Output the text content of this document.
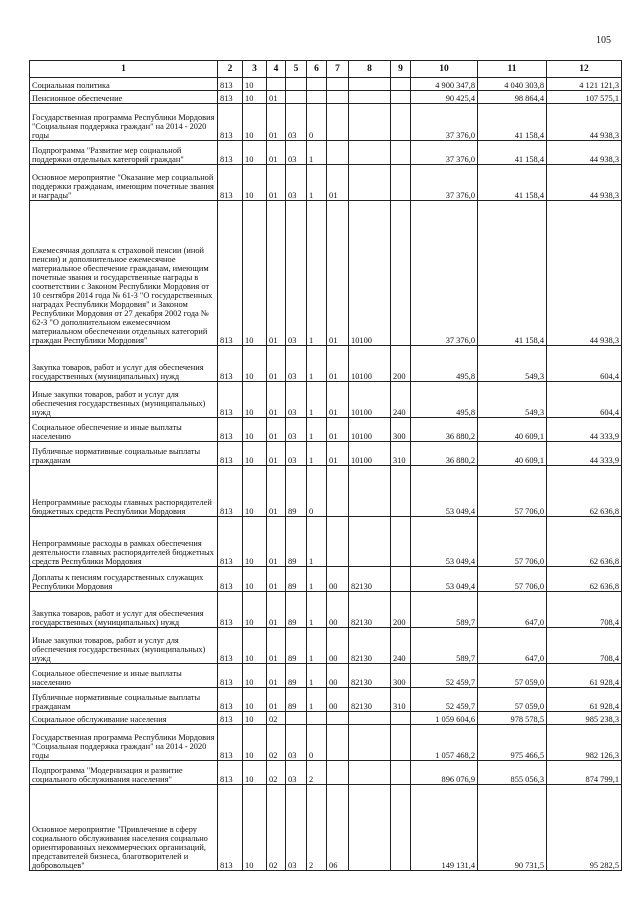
105
1	2	3	4	5	6	7	8	9	10	11	12
Социальная политика	813	10							4 900 347,8	4 040 303,8	4 121 121,3
Пенсионное обеспечение	813	10	01						90 425,4	98 864,4	107 575,1
Государственная программа Республики Мордовия "Социальная поддержка граждан" на 2014 - 2020 годы	813	10	01	03	0				37 376,0	41 158,4	44 938,3
Подпрограмма "Развитие мер социальной поддержки отдельных категорий граждан"	813	10	01	03	1				37 376,0	41 158,4	44 938,3
Основное мероприятие "Оказание мер социальной поддержки гражданам, имеющим почетные звания и награды"	813	10	01	03	1	01			37 376,0	41 158,4	44 938,3
Ежемесячная доплата к страховой пенсии (иной пенсии) и дополнительное ежемесячное материальное обеспечение гражданам, имеющим почетные звания и государственные награды в соответствии с Законом Республики Мордовия от 10 сентября 2014 года № 61-З "О государственных наградах Республики Мордовия" и Законом Республики Мордовия от 27 декабря 2002 года № 62-З "О дополнительном ежемесячном материальном обеспечении отдельных категорий граждан Республики Мордовия"	813	10	01	03	1	01	10100		37 376,0	41 158,4	44 938,3
Закупка товаров, работ и услуг для обеспечения государственных (муниципальных) нужд	813	10	01	03	1	01	10100	200	495,8	549,3	604,4
Иные закупки товаров, работ и услуг для обеспечения государственных (муниципальных) нужд	813	10	01	03	1	01	10100	240	495,8	549,3	604,4
Социальное обеспечение и иные выплаты населению	813	10	01	03	1	01	10100	300	36 880,2	40 609,1	44 333,9
Публичные нормативные социальные выплаты гражданам	813	10	01	03	1	01	10100	310	36 880,2	40 609,1	44 333,9
Непрограммные расходы главных распорядителей бюджетных средств Республики Мордовия	813	10	01	89	0				53 049,4	57 706,0	62 636,8
Непрограммные расходы в рамках обеспечения деятельности главных распорядителей бюджетных средств Республики Мордовия	813	10	01	89	1				53 049,4	57 706,0	62 636,8
Доплаты к пенсиям государственных служащих Республики Мордовия	813	10	01	89	1	00	82130		53 049,4	57 706,0	62 636,8
Закупка товаров, работ и услуг для обеспечения государственных (муниципальных) нужд	813	10	01	89	1	00	82130	200	589,7	647,0	708,4
Иные закупки товаров, работ и услуг для обеспечения государственных (муниципальных) нужд	813	10	01	89	1	00	82130	240	589,7	647,0	708,4
Социальное обеспечение и иные выплаты населению	813	10	01	89	1	00	82130	300	52 459,7	57 059,0	61 928,4
Публичные нормативные социальные выплаты гражданам	813	10	01	89	1	00	82130	310	52 459,7	57 059,0	61 928,4
Социальное обслуживание населения	813	10	02						1 059 604,6	978 578,5	985 238,3
Государственная программа Республики Мордовия "Социальная поддержка граждан" на 2014 - 2020 годы	813	10	02	03	0				1 057 468,2	975 466,5	982 126,3
Подпрограмма "Модернизация и развитие социального обслуживания населения"	813	10	02	03	2				896 076,9	855 056,3	874 799,1
Основное мероприятие "Привлечение в сферу социального обслуживания населения социально ориентированных некоммерческих организаций, представителей бизнеса, благотворителей и добровольцев"	813	10	02	03	2	06			149 131,4	90 731,5	95 282,5
